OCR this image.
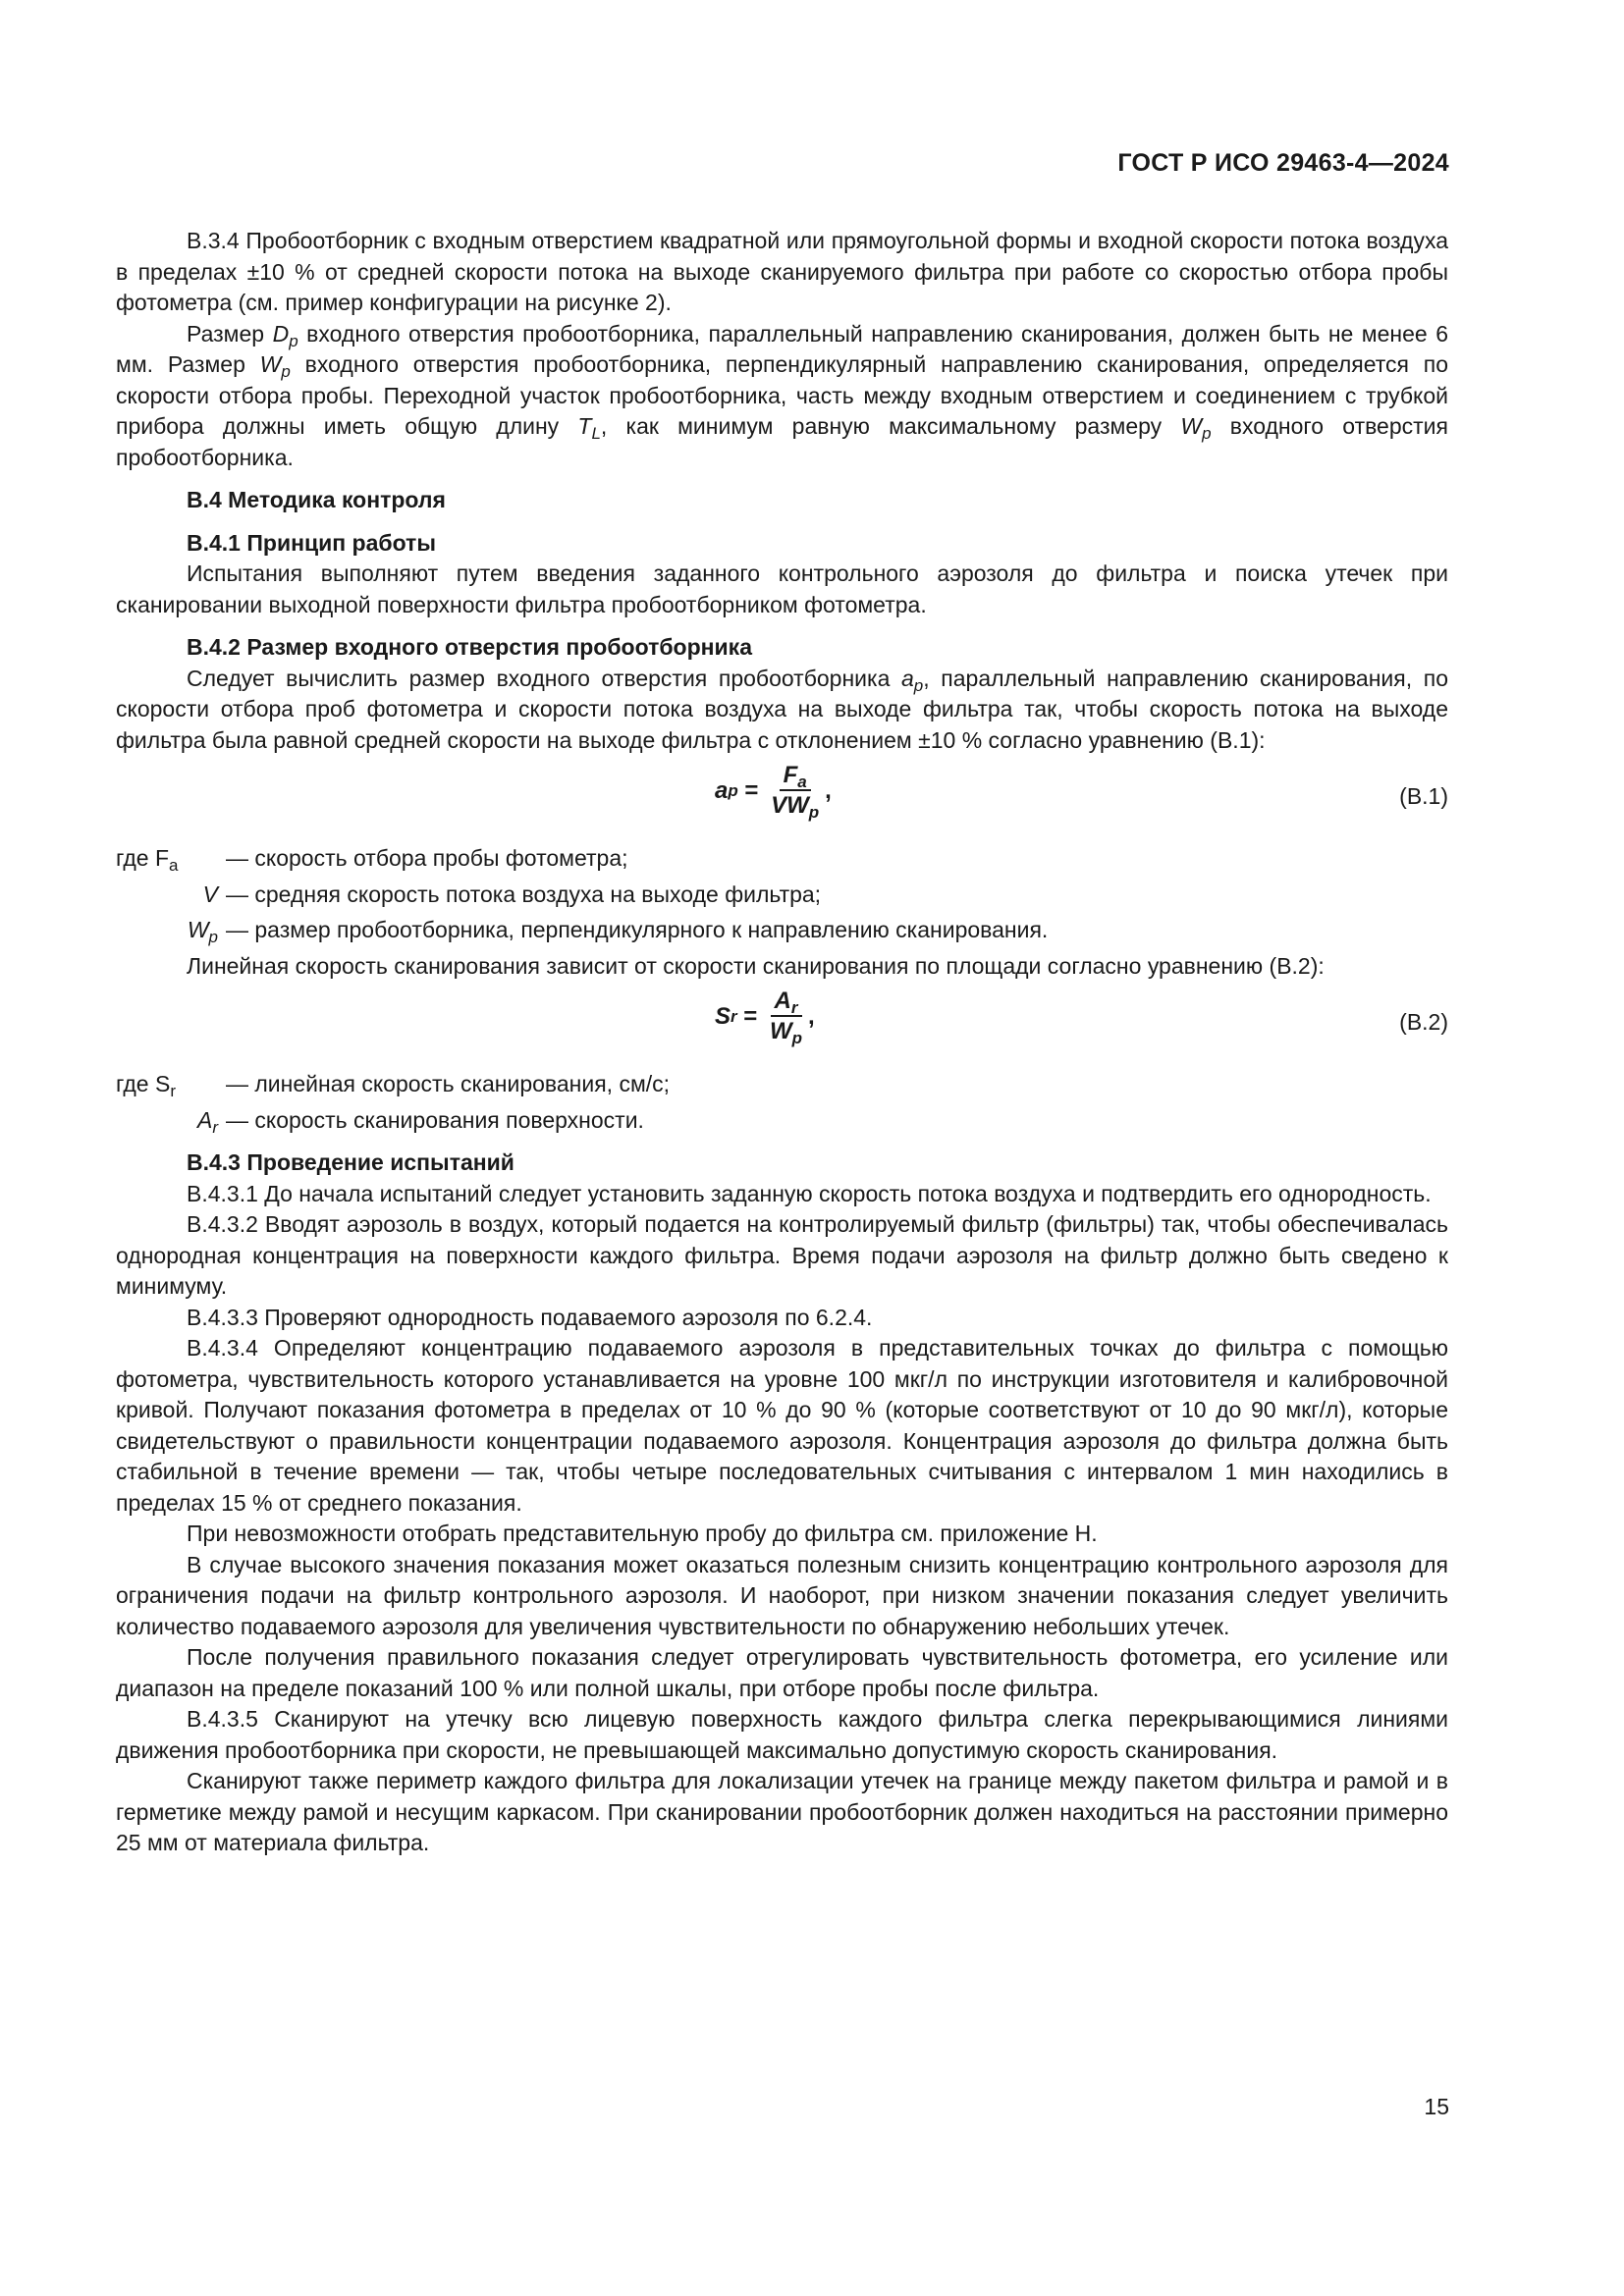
ГОСТ Р ИСО 29463-4—2024

В.3.4 Пробоотборник с входным отверстием квадратной или прямоугольной формы и входной скорости потока воздуха в пределах ±10 % от средней скорости потока на выходе сканируемого фильтра при работе со скоростью отбора пробы фотометра (см. пример конфигурации на рисунке 2).

Размер $D_p$ входного отверстия пробоотборника, параллельный направлению сканирования, должен быть не менее 6 мм. Размер $W_p$ входного отверстия пробоотборника, перпендикулярный направлению сканирования, определяется по скорости отбора пробы. Переходной участок пробоотборника, часть между входным отверстием и соединением с трубкой прибора должны иметь общую длину $T_L$, как минимум равную максимальному размеру $W_p$ входного отверстия пробоотборника.

В.4 Методика контроля

В.4.1 Принцип работы

Испытания выполняют путем введения заданного контрольного аэрозоля до фильтра и поиска утечек при сканировании выходной поверхности фильтра пробоотборником фотометра.

В.4.2 Размер входного отверстия пробоотборника

Следует вычислить размер входного отверстия пробоотборника $a_p$, параллельный направлению сканирования, по скорости отбора проб фотометра и скорости потока воздуха на выходе фильтра так, чтобы скорость потока на выходе фильтра была равной средней скорости на выходе фильтра с отклонением ±10 % согласно уравнению (В.1):

a $p = \frac{F_a}{VW_p}$ ,	(В.1)
где $F_a$	— скорость отбора пробы фотометра;
V — средняя скорость потока воздуха на выходе фильтра;
$W_p$ — размер пробоотборника, перпендикулярного к направлению сканирования.

Линейная скорость сканирования зависит от скорости сканирования по площади согласно уравнению (В.2):

S $r = \frac{A_r}{W_p}$ ,	(В.2)
где $S_r$	— линейная скорость сканирования, см/с;
$A_r$ — скорость сканирования поверхности.

В.4.3 Проведение испытаний

В.4.3.1 До начала испытаний следует установить заданную скорость потока воздуха и подтвердить его однородность.

В.4.3.2 Вводят аэрозоль в воздух, который подается на контролируемый фильтр (фильтры) так, чтобы обеспечивалась однородная концентрация на поверхности каждого фильтра. Время подачи аэрозоля на фильтр должно быть сведено к минимуму.

В.4.3.3 Проверяют однородность подаваемого аэрозоля по 6.2.4.

В.4.3.4 Определяют концентрацию подаваемого аэрозоля в представительных точках до фильтра с помощью фотометра, чувствительность которого устанавливается на уровне 100 мкг/л по инструкции изготовителя и калибровочной кривой. Получают показания фотометра в пределах от 10 % до 90 % (которые соответствуют от 10 до 90 мкг/л), которые свидетельствуют о правильности концентрации подаваемого аэрозоля. Концентрация аэрозоля до фильтра должна быть стабильной в течение времени — так, чтобы четыре последовательных считывания с интервалом 1 мин находились в пределах 15 % от среднего показания.

При невозможности отобрать представительную пробу до фильтра см. приложение Н.

В случае высокого значения показания может оказаться полезным снизить концентрацию контрольного аэрозоля для ограничения подачи на фильтр контрольного аэрозоля. И наоборот, при низком значении показания следует увеличить количество подаваемого аэрозоля для увеличения чувствительности по обнаружению небольших утечек.

После получения правильного показания следует отрегулировать чувствительность фотометра, его усиление или диапазон на пределе показаний 100 % или полной шкалы, при отборе пробы после фильтра.

В.4.3.5 Сканируют на утечку всю лицевую поверхность каждого фильтра слегка перекрывающимися линиями движения пробоотборника при скорости, не превышающей максимально допустимую скорость сканирования.

Сканируют также периметр каждого фильтра для локализации утечек на границе между пакетом фильтра и рамой и в герметике между рамой и несущим каркасом. При сканировании пробоотборник должен находиться на расстоянии примерно 25 мм от материала фильтра.

15
